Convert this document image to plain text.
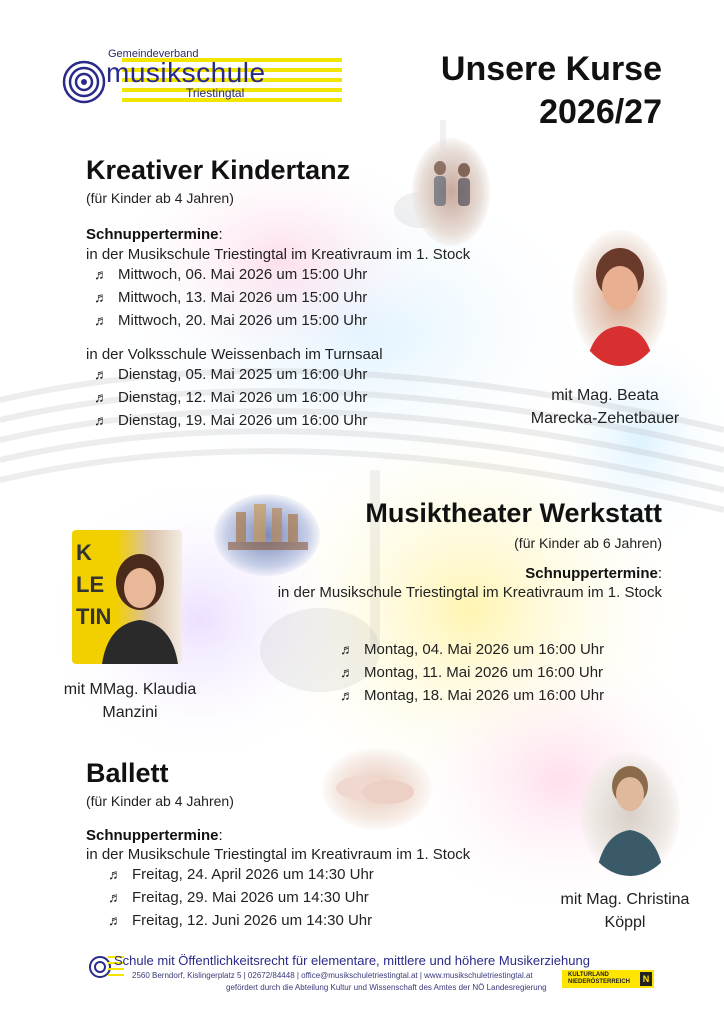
Gemeindeverband
musikschule
Triestingtal
Unsere Kurse
2026/27
Kreativer Kindertanz
(für Kinder ab 4 Jahren)
Schnuppertermine:
in der Musikschule Triestingtal im Kreativraum im 1. Stock
♬ Mittwoch, 06. Mai 2026 um 15:00 Uhr
♬ Mittwoch, 13. Mai 2026 um 15:00 Uhr
♬ Mittwoch, 20. Mai 2026 um 15:00 Uhr
in der Volksschule Weissenbach im Turnsaal
♬ Dienstag, 05. Mai 2025 um 16:00 Uhr
♬ Dienstag, 12. Mai 2026 um 16:00 Uhr
♬ Dienstag, 19. Mai 2026 um 16:00 Uhr
mit Mag. Beata
Marecka-Zehetbauer
Musiktheater Werkstatt
(für Kinder ab 6 Jahren)
Schnuppertermine:
in der Musikschule Triestingtal im Kreativraum im 1. Stock
♬ Montag, 04. Mai 2026 um 16:00 Uhr
♬ Montag, 11. Mai 2026 um 16:00 Uhr
♬ Montag, 18. Mai 2026 um 16:00 Uhr
K
LE
TIN
mit MMag. Klaudia
Manzini
Ballett
(für Kinder ab 4 Jahren)
Schnuppertermine:
in der Musikschule Triestingtal im Kreativraum im 1. Stock
♬ Freitag, 24. April 2026 um 14:30 Uhr
♬ Freitag, 29. Mai 2026 um 14:30 Uhr
♬ Freitag, 12. Juni 2026 um 14:30 Uhr
mit Mag. Christina
Köppl
Schule mit Öffentlichkeitsrecht für elementare, mittlere und höhere Musikerziehung
2560 Berndorf, Kislingerplatz 5 | 02672/84448 | office@musikschuletriestingtal.at | www.musikschuletriestingtal.at
gefördert durch die Abteilung Kultur und Wissenschaft des Amtes der NÖ Landesregierung
KULTURLAND
NIEDERÖSTERREICH	N
